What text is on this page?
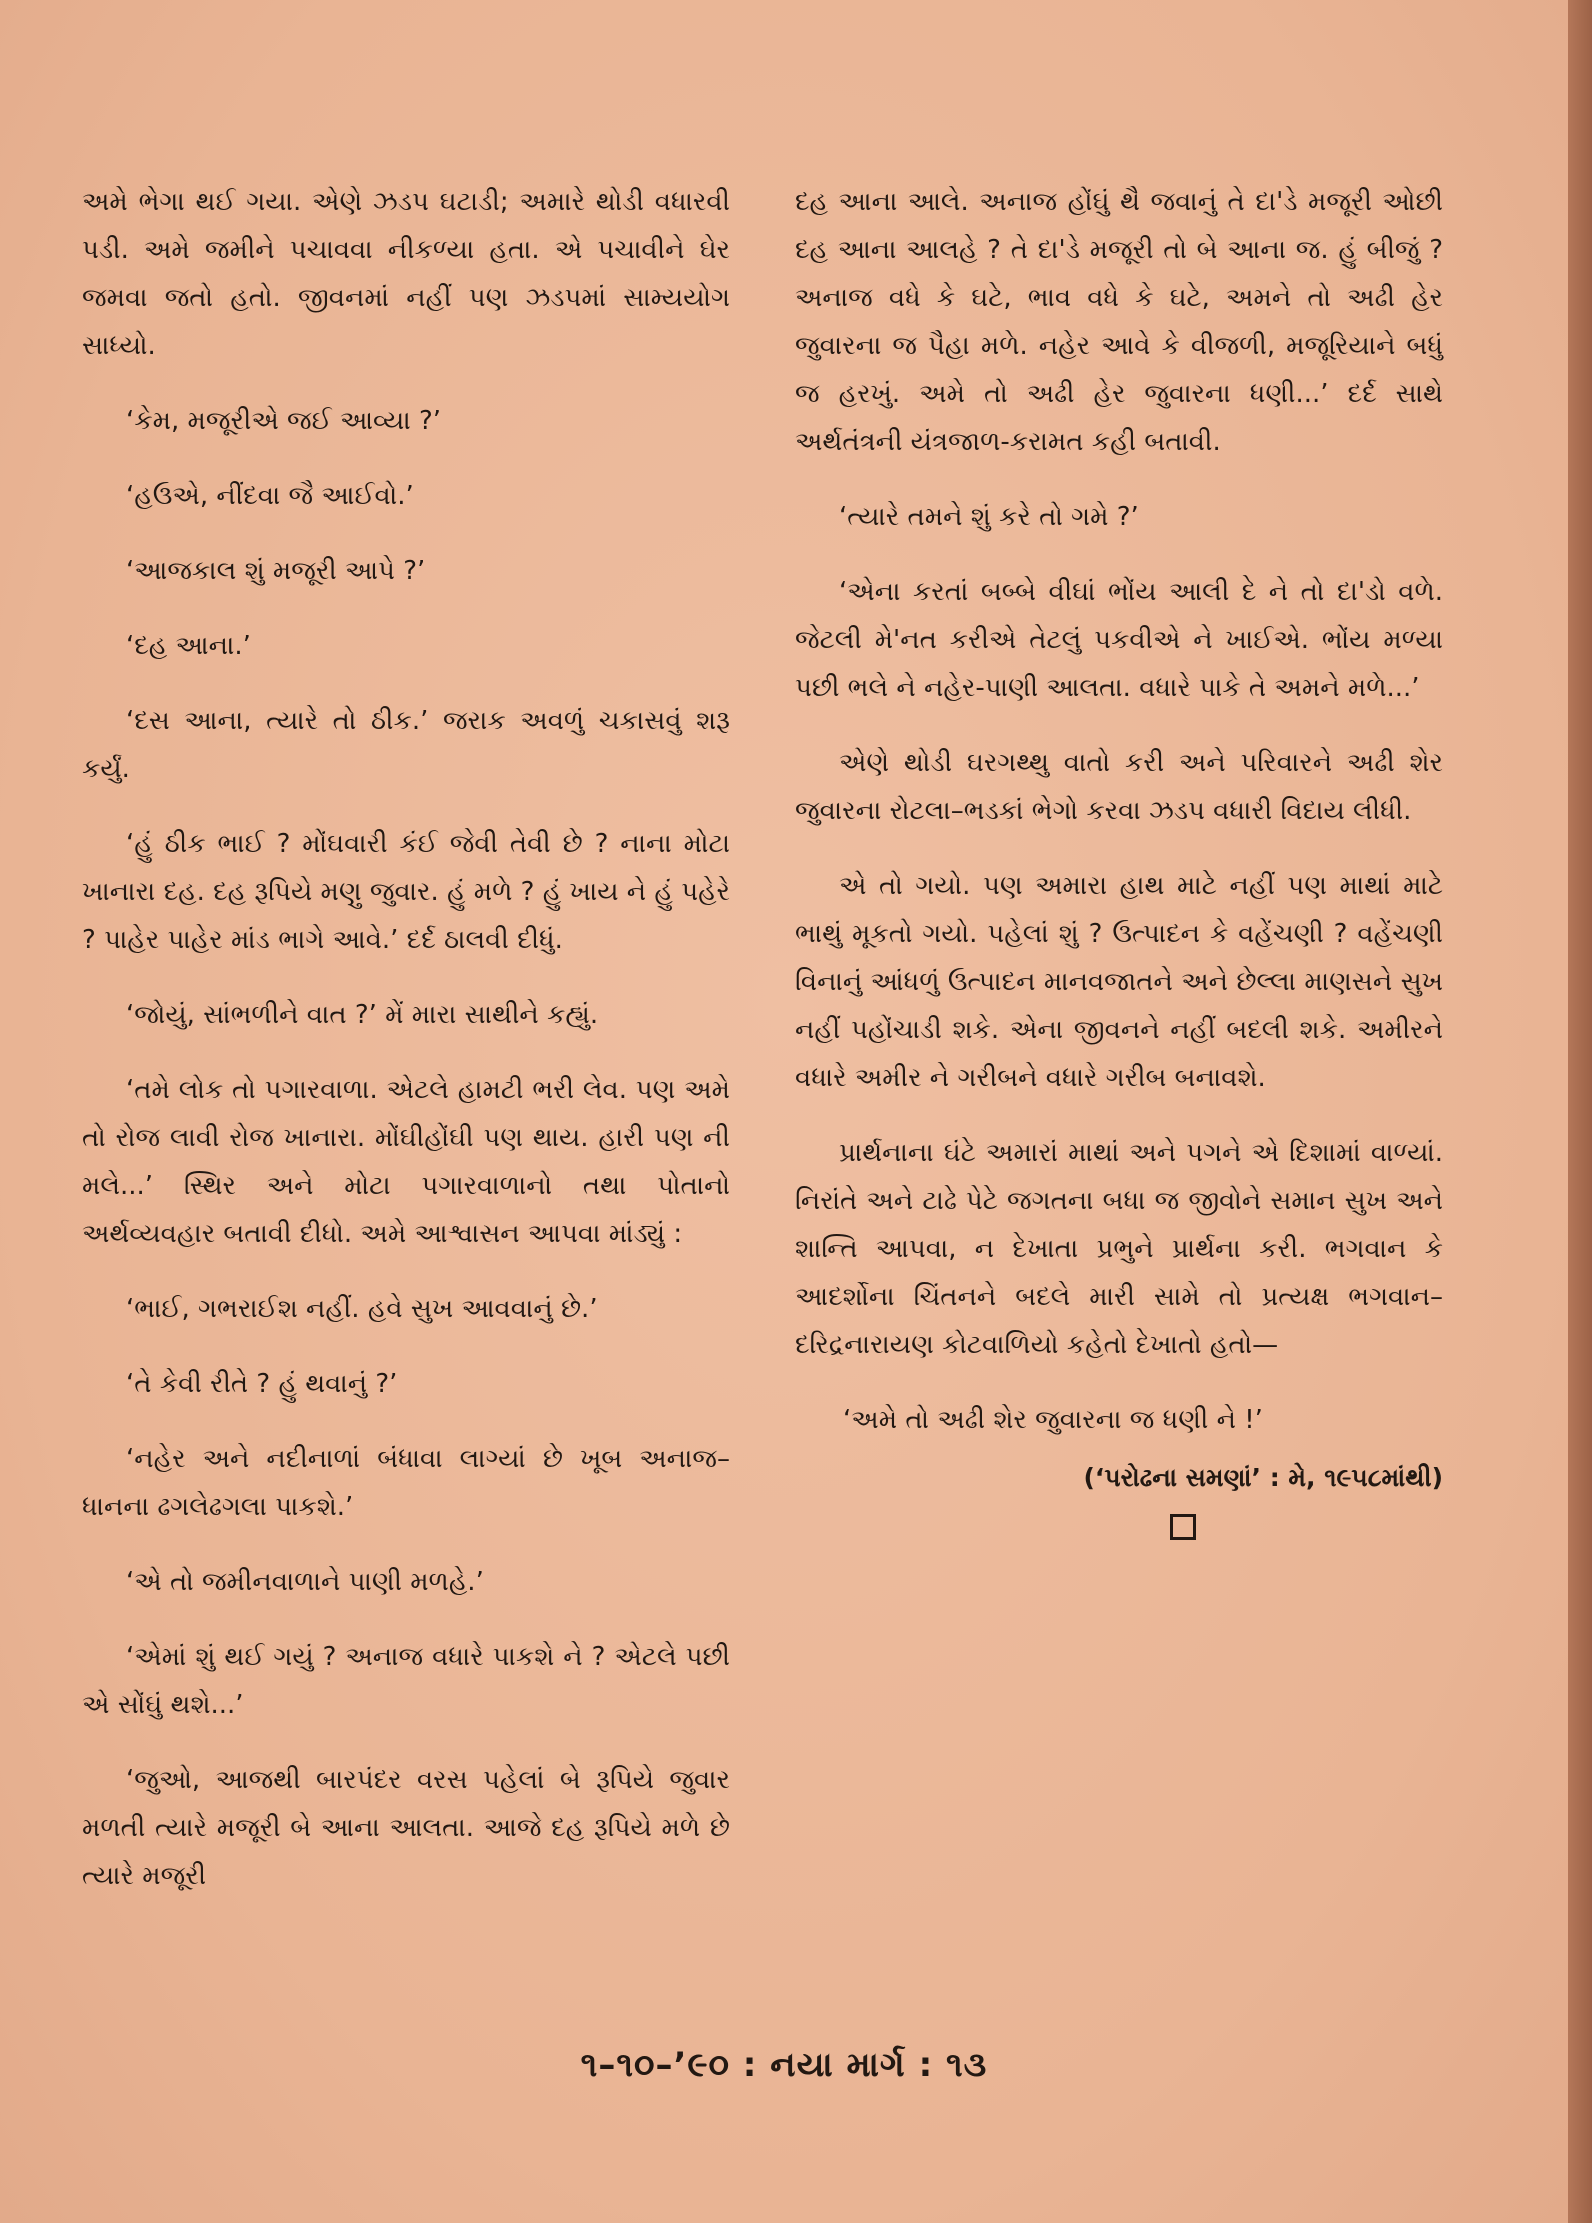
અમે ભેગા થઈ ગયા. એણે ઝડપ ઘટાડી; અમારે થોડી વધારવી પડી. અમે જમીને પચાવવા નીકળ્યા હતા. એ પચાવીને ઘેર જમવા જતો હતો. જીવનમાં નહીં પણ ઝડપમાં સામ્યયોગ સાધ્યો.

‘કેમ, મજૂરીએ જઈ આવ્યા ?’

‘હઉએ, નીંદવા જૈ આઈવો.’

‘આજકાલ શું મજૂરી આપે ?’

‘દહ આના.’

‘દસ આના, ત્યારે તો ઠીક.’ જરાક અવળું ચકાસવું શરૂ કર્યું.

‘હું ઠીક ભાઈ ? મોંઘવારી કંઈ જેવી તેવી છે ? નાના મોટા ખાનારા દહ. દહ રૂપિયે મણુ જુવાર. હું મળે ? હું ખાય ને હું પહેરે ? પાહેર પાહેર માંડ ભાગે આવે.’ દર્દ ઠાલવી દીધું.

‘જોયું, સાંભળીને વાત ?’ મેં મારા સાથીને કહ્યું.

‘તમે લોક તો પગારવાળા. એટલે હામટી ભરી લેવ. પણ અમે તો રોજ લાવી રોજ ખાનારા. મોંઘીહોંઘી પણ થાય. હારી પણ ની મલે...’ સ્થિર અને મોટા પગારવાળાનો તથા પોતાનો અર્થવ્યવહાર બતાવી દીધો. અમે આશ્વાસન આપવા માંડ્યું :

‘ભાઈ, ગભરાઈશ નહીં. હવે સુખ આવવાનું છે.’

‘તે કેવી રીતે ? હું થવાનું ?’

‘નહેર અને નદીનાળાં બંધાવા લાગ્યાં છે ખૂબ અનાજ–ધાનના ઢગલેઢગલા પાકશે.’

‘એ તો જમીનવાળાને પાણી મળહે.’

‘એમાં શું થઈ ગયું ? અનાજ વધારે પાકશે ને ? એટલે પછી એ સોંઘું થશે...’

‘જુઓ, આજથી બારપંદર વરસ પહેલાં બે રૂપિયે જુવાર મળતી ત્યારે મજૂરી બે આના આલતા. આજે દહ રૂપિયે મળે છે ત્યારે મજૂરી

દહ આના આલે. અનાજ હોંઘું થૈ જવાનું તે દા'ડે મજૂરી ઓછી દહ આના આલહે ? તે દા'ડે મજૂરી તો બે આના જ. હું બીજું ? અનાજ વધે કે ઘટે, ભાવ વધે કે ઘટે, અમને તો અઢી હેર જુવારના જ પૈહા મળે. નહેર આવે કે વીજળી, મજૂરિયાને બધું જ હરખું. અમે તો અઢી હેર જુવારના ધણી...’ દર્દ સાથે અર્થતંત્રની યંત્રજાળ-કરામત કહી બતાવી.

‘ત્યારે તમને શું કરે તો ગમે ?’

‘એના કરતાં બબ્બે વીઘાં ભોંય આલી દે ને તો દા'ડો વળે. જેટલી મે'નત કરીએ તેટલું પકવીએ ને ખાઈએ. ભોંય મળ્યા પછી ભલે ને નહેર-પાણી આલતા. વધારે પાકે તે અમને મળે...’

એણે થોડી ઘરગથ્થુ વાતો કરી અને પરિવારને અઢી શેર જુવારના રોટલા–ભડકાં ભેગો કરવા ઝડપ વધારી વિદાય લીધી.

એ તો ગયો. પણ અમારા હાથ માટે નહીં પણ માથાં માટે ભાથું મૂકતો ગયો. પહેલાં શું ? ઉત્પાદન કે વહેંચણી ? વહેંચણી વિનાનું આંધળું ઉત્પાદન માનવજાતને અને છેલ્લા માણસને સુખ નહીં પહોંચાડી શકે. એના જીવનને નહીં બદલી શકે. અમીરને વધારે અમીર ને ગરીબને વધારે ગરીબ બનાવશે.

પ્રાર્થનાના ઘંટે અમારાં માથાં અને પગને એ દિશામાં વાળ્યાં. નિરાંતે અને ટાઢે પેટે જગતના બધા જ જીવોને સમાન સુખ અને શાન્તિ આપવા, ન દેખાતા પ્રભુને પ્રાર્થના કરી. ભગવાન કે આદર્શોના ચિંતનને બદલે મારી સામે તો પ્રત્યક્ષ ભગવાન–દરિદ્રનારાયણ કોટવાળિયો કહેતો દેખાતો હતો—

‘અમે તો અઢી શેર જુવારના જ ધણી ને !’

(‘પરોઢના સમણાં’ : મે, ૧૯૫૮માંથી)

૧–૧૦–’૯૦ : નયા માર્ગ : ૧૩
